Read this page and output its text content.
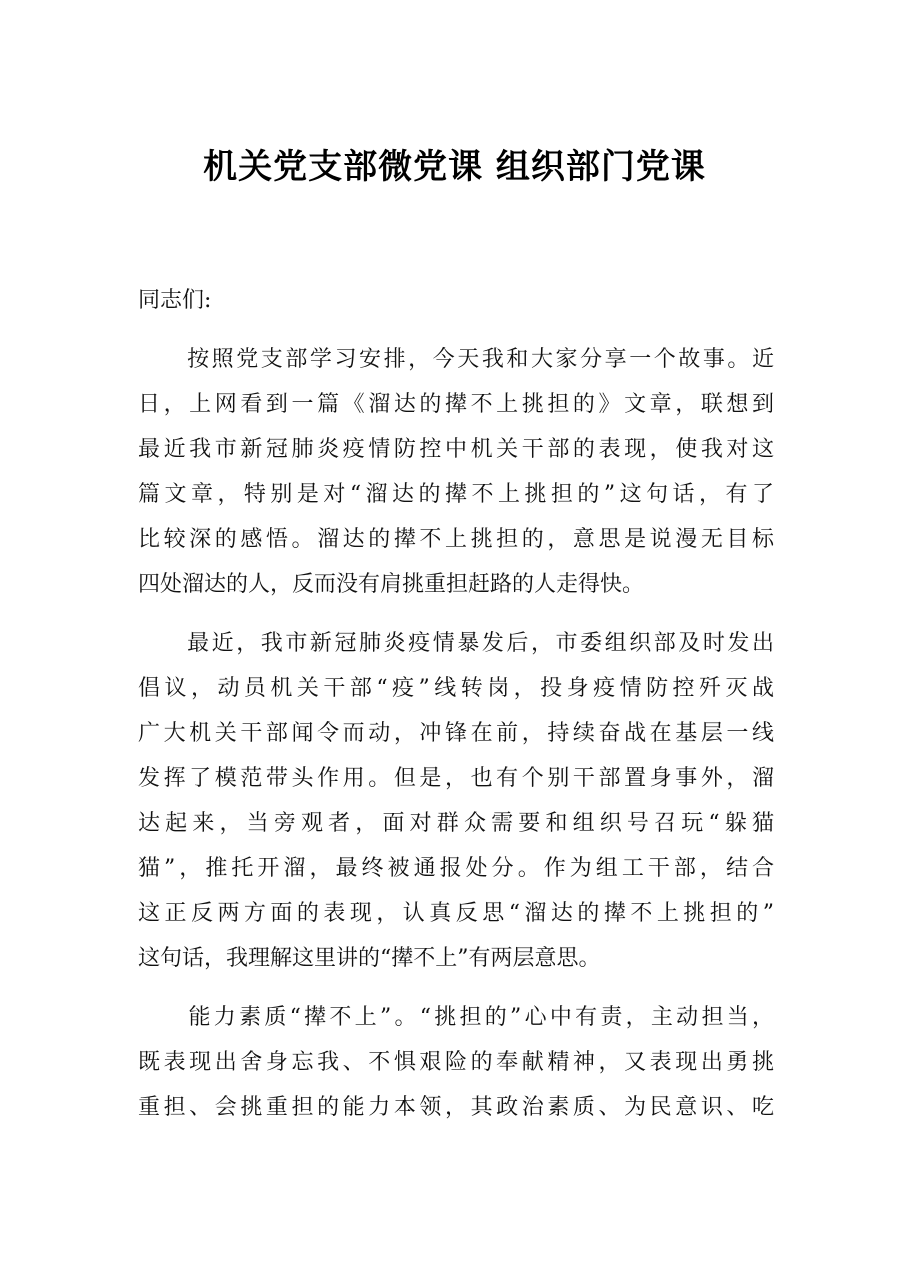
机关党支部微党课 组织部门党课
同志们:
　　按照党支部学习安排，今天我和大家分享一个故事。近
日，上网看到一篇《溜达的撵不上挑担的》文章，联想到
最近我市新冠肺炎疫情防控中机关干部的表现，使我对这
篇文章，特别是对“溜达的撵不上挑担的”这句话，有了
比较深的感悟。溜达的撵不上挑担的，意思是说漫无目标
四处溜达的人，反而没有肩挑重担赶路的人走得快。
　　最近，我市新冠肺炎疫情暴发后，市委组织部及时发出
倡议，动员机关干部“疫”线转岗，投身疫情防控歼灭战
广大机关干部闻令而动，冲锋在前，持续奋战在基层一线
发挥了模范带头作用。但是，也有个别干部置身事外，溜
达起来，当旁观者，面对群众需要和组织号召玩“躲猫
猫”，推托开溜，最终被通报处分。作为组工干部，结合
这正反两方面的表现，认真反思“溜达的撵不上挑担的”
这句话，我理解这里讲的“撵不上”有两层意思。
　　能力素质“撵不上”。“挑担的”心中有责，主动担当，
既表现出舍身忘我、不惧艰险的奉献精神，又表现出勇挑
重担、会挑重担的能力本领，其政治素质、为民意识、吃
